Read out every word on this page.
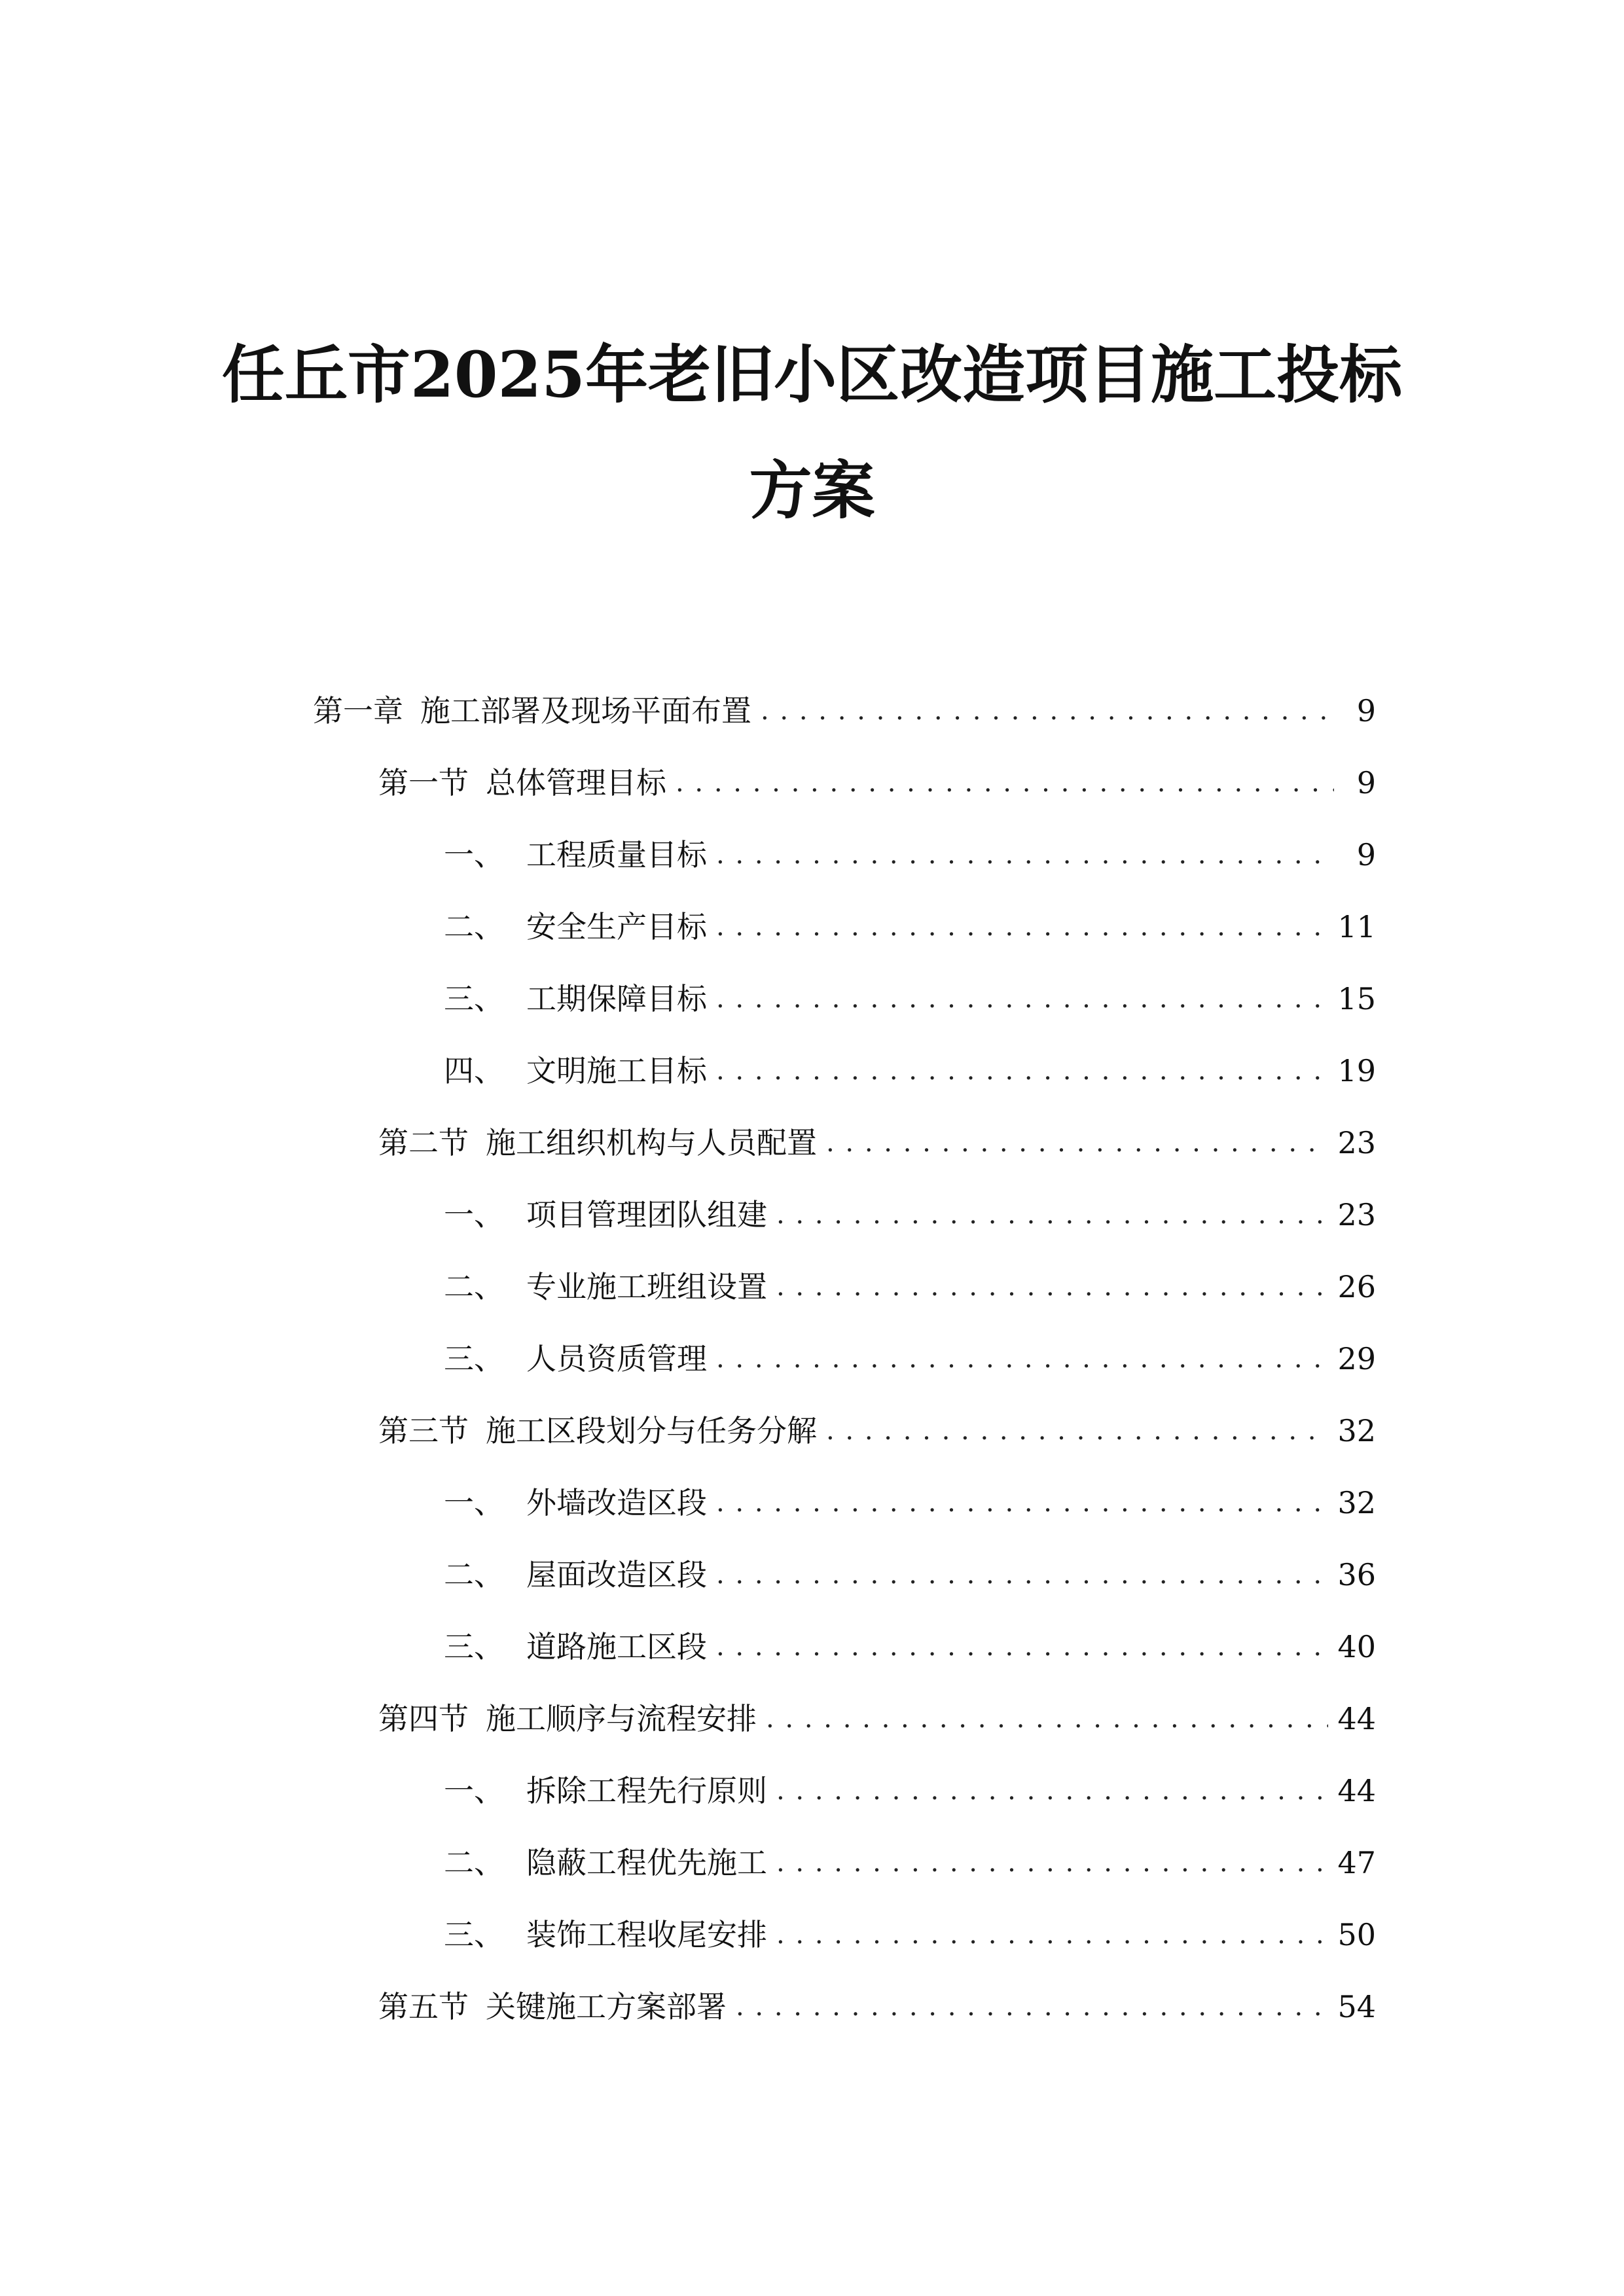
任丘市2025年老旧小区改造项目施工投标
方案
第一章 施工部署及现场平面布置 . . .	9
第一节 总体管理目标 . . .	9
一、 工程质量目标 . . .	9
二、 安全生产目标 . . .	11
三、 工期保障目标 . . .	15
四、 文明施工目标 . . .	19
第二节 施工组织机构与人员配置 . . .	23
一、 项目管理团队组建 . . .	23
二、 专业施工班组设置 . . .	26
三、 人员资质管理 . . .	29
第三节 施工区段划分与任务分解 . . .	32
一、 外墙改造区段 . . .	32
二、 屋面改造区段 . . .	36
三、 道路施工区段 . . .	40
第四节 施工顺序与流程安排 . . .	44
一、 拆除工程先行原则 . . .	44
二、 隐蔽工程优先施工 . . .	47
三、 装饰工程收尾安排 . . .	50
第五节 关键施工方案部署 . . .	54
